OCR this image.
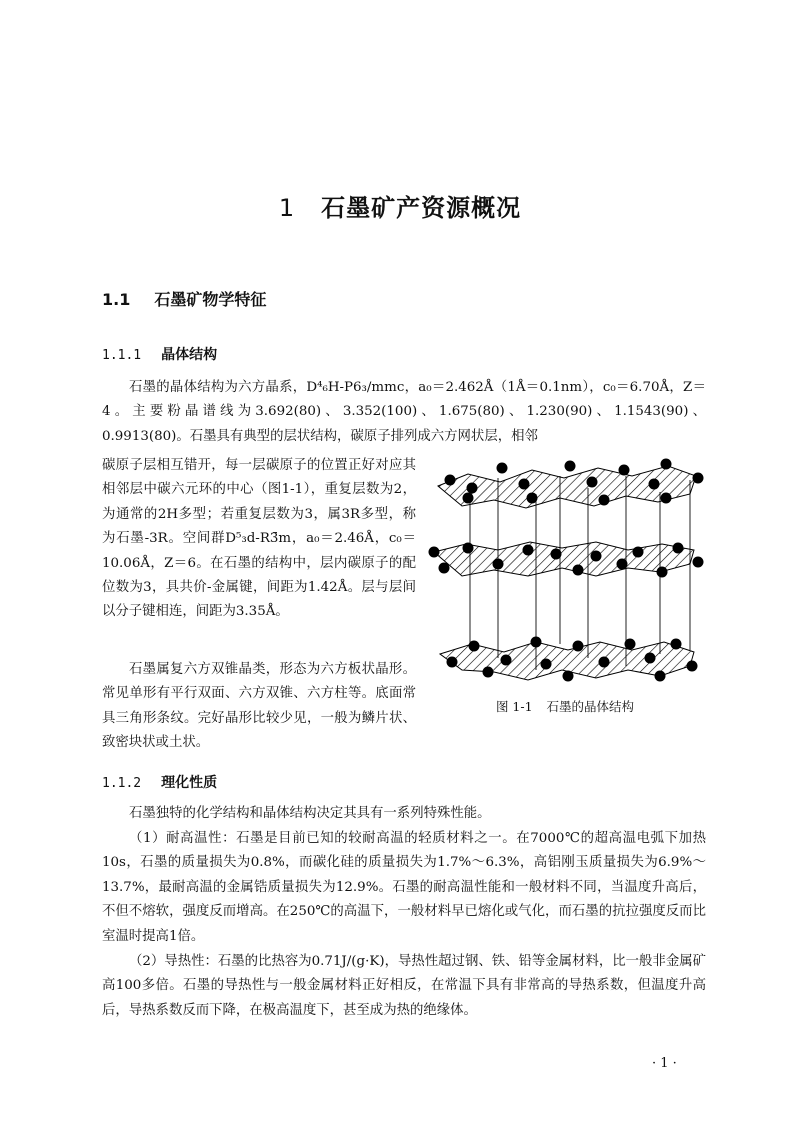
1 石墨矿产资源概况
1.1 石墨矿物学特征
1.1.1 晶体结构

石墨的晶体结构为六方晶系，D⁴₆H-P6₃/mmc，a₀＝2.462Å（1Å＝0.1nm），c₀＝6.70Å，Z＝4。主要粉晶谱线为3.692(80)、3.352(100)、1.675(80)、1.230(90)、1.1543(90)、0.9913(80)。石墨具有典型的层状结构，碳原子排列成六方网状层，相邻

碳原子层相互错开，每一层碳原子的位置正好对应其相邻层中碳六元环的中心（图1-1），重复层数为2，为通常的2H多型；若重复层数为3，属3R多型，称为石墨-3R。空间群D⁵₃d-R3̄m，a₀＝2.46Å，c₀＝10.06Å，Z＝6。在石墨的结构中，层内碳原子的配位数为3，具共价-金属键，间距为1.42Å。层与层间以分子键相连，间距为3.35Å。

石墨属复六方双锥晶类，形态为六方板状晶形。常见单形有平行双面、六方双锥、六方柱等。底面常具三角形条纹。完好晶形比较少见，一般为鳞片状、致密块状或土状。

图 1-1 石墨的晶体结构
1.1.2 理化性质

石墨独特的化学结构和晶体结构决定其具有一系列特殊性能。

（1）耐高温性：石墨是目前已知的较耐高温的轻质材料之一。在7000℃的超高温电弧下加热10s，石墨的质量损失为0.8%，而碳化硅的质量损失为1.7%～6.3%，高铝刚玉质量损失为6.9%～13.7%，最耐高温的金属锆质量损失为12.9%。石墨的耐高温性能和一般材料不同，当温度升高后，不但不熔软，强度反而增高。在250℃的高温下，一般材料早已熔化或气化，而石墨的抗拉强度反而比室温时提高1倍。

（2）导热性：石墨的比热容为0.71J/(g·K)，导热性超过钢、铁、铅等金属材料，比一般非金属矿高100多倍。石墨的导热性与一般金属材料正好相反，在常温下具有非常高的导热系数，但温度升高后，导热系数反而下降，在极高温度下，甚至成为热的绝缘体。

· 1 ·
